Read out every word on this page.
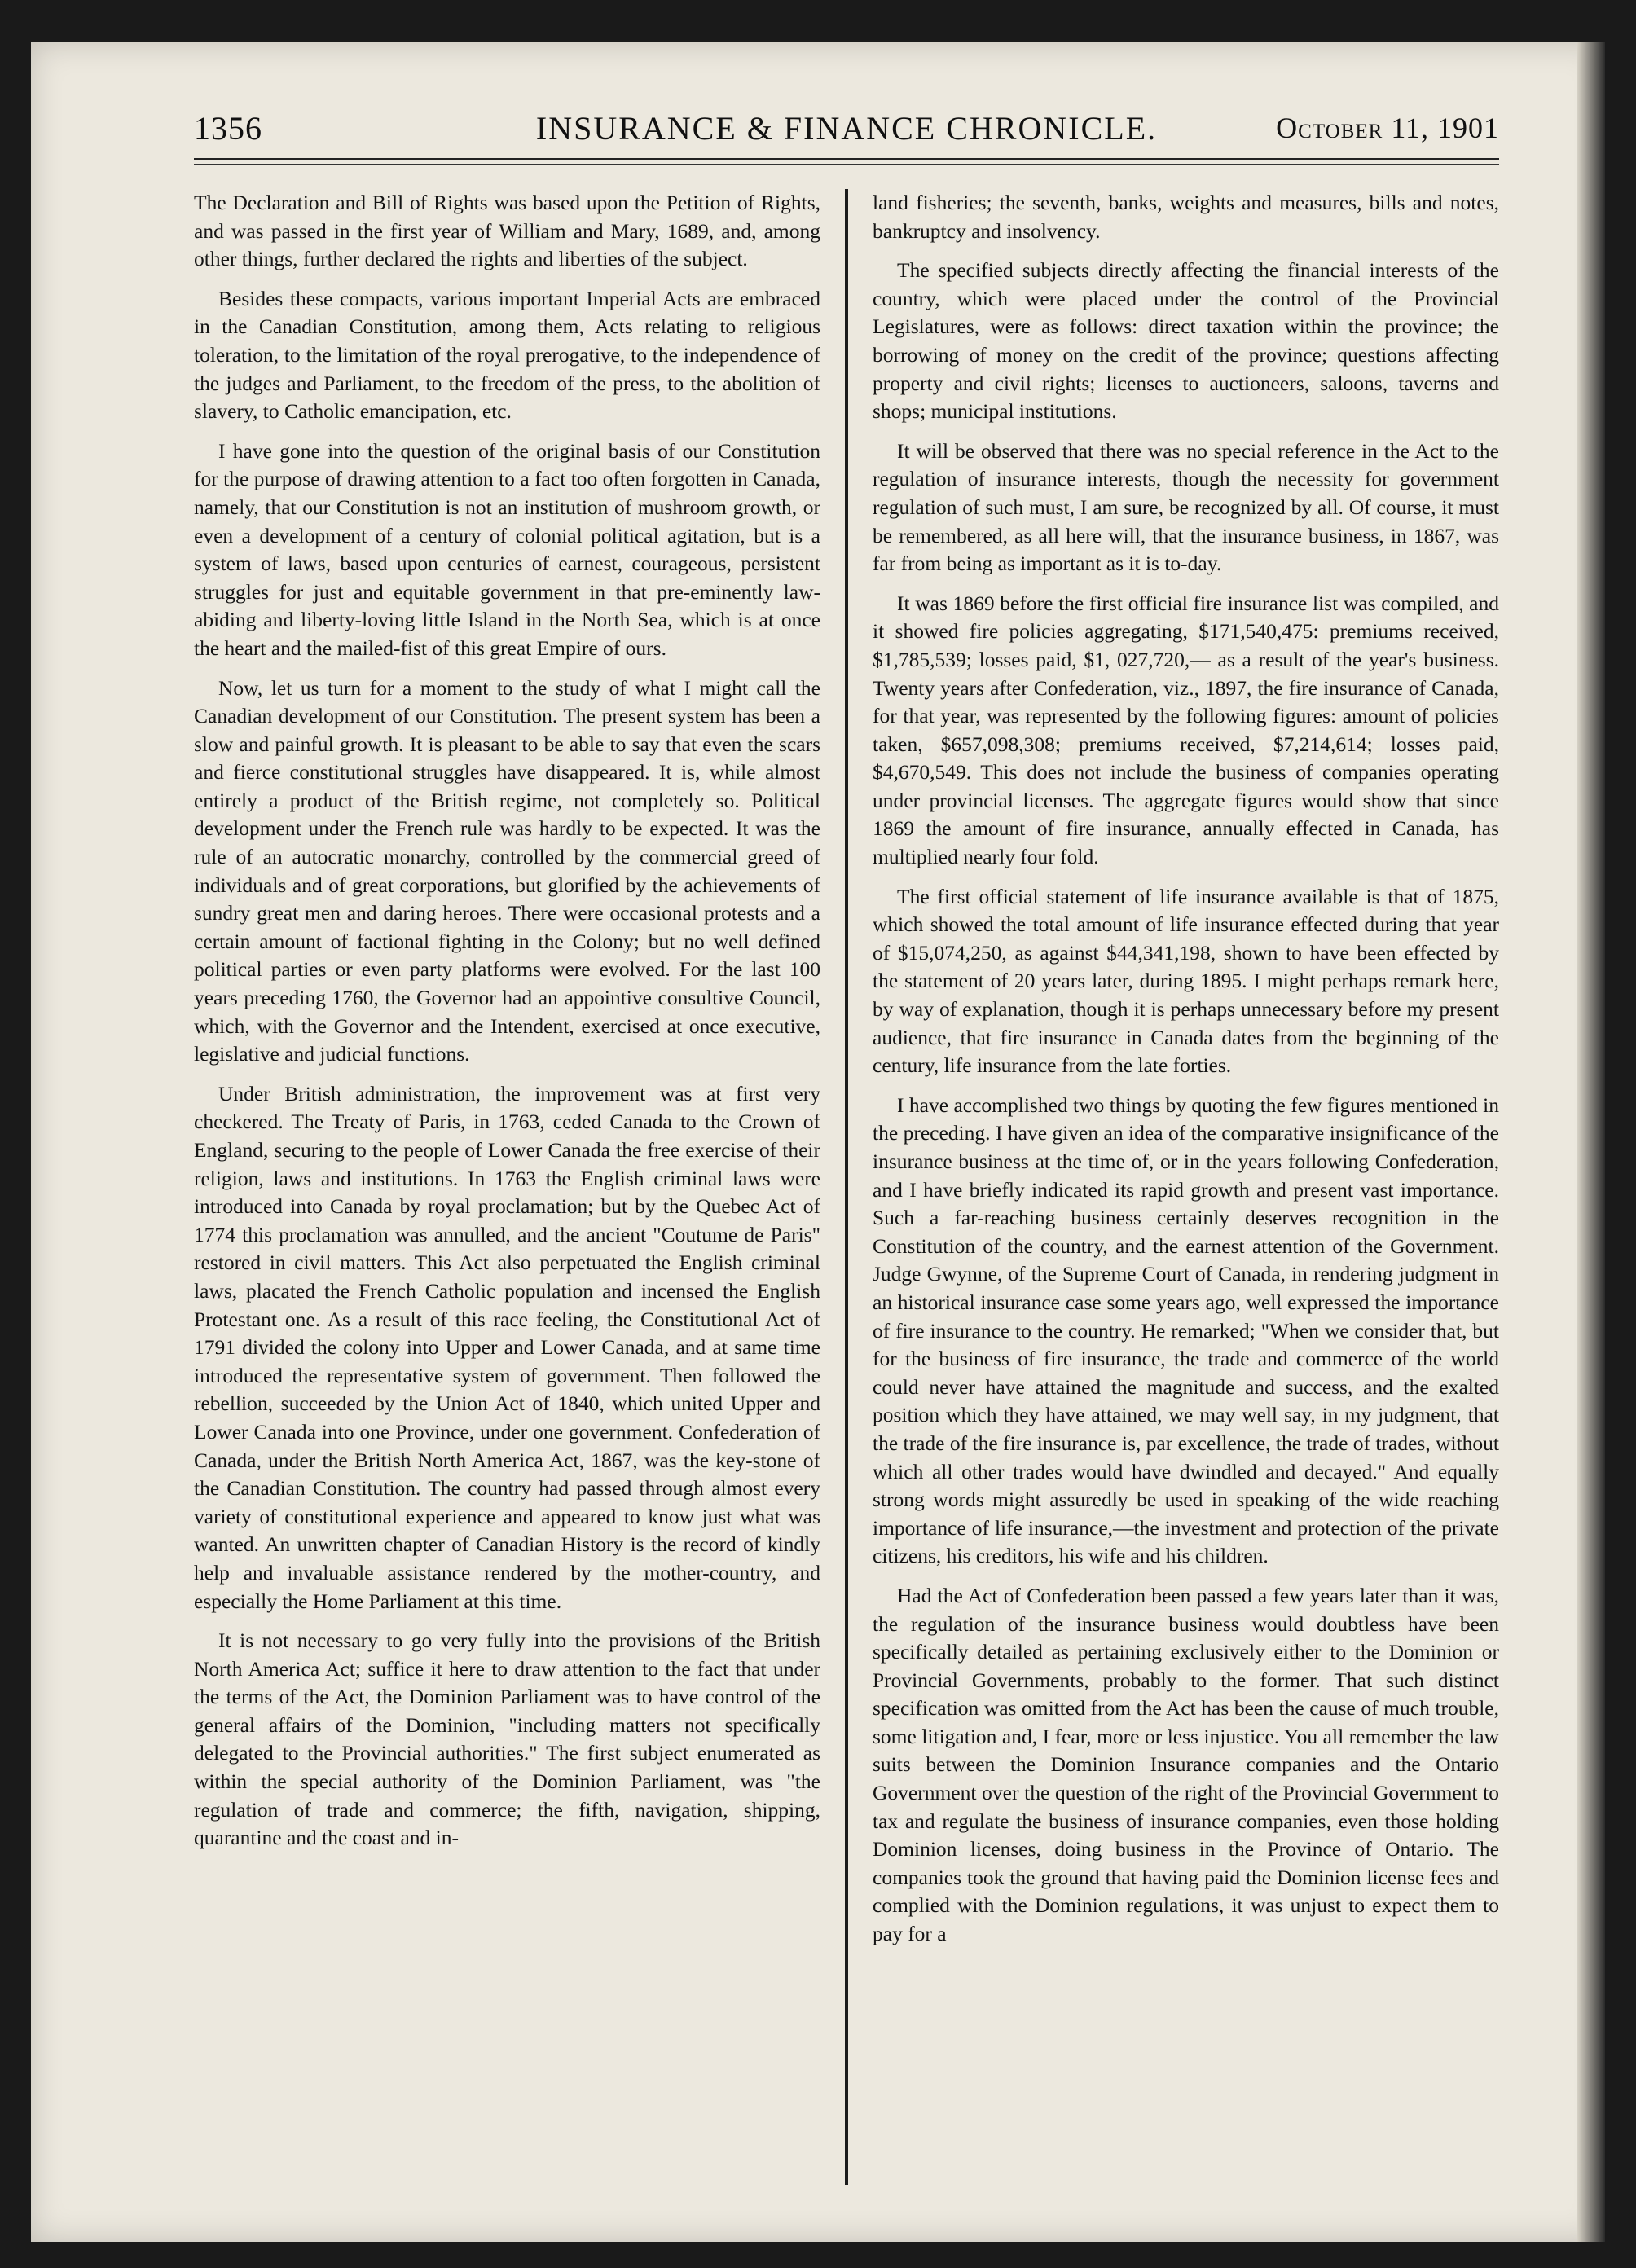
1356	INSURANCE & FINANCE CHRONICLE.	October 11, 1901

The Declaration and Bill of Rights was based upon the Petition of Rights, and was passed in the first year of William and Mary, 1689, and, among other things, further declared the rights and liberties of the subject.

Besides these compacts, various important Imperial Acts are embraced in the Canadian Constitution, among them, Acts relating to religious toleration, to the limitation of the royal prerogative, to the independence of the judges and Parliament, to the freedom of the press, to the abolition of slavery, to Catholic emancipation, etc.

I have gone into the question of the original basis of our Constitution for the purpose of drawing attention to a fact too often forgotten in Canada, namely, that our Constitution is not an institution of mushroom growth, or even a development of a century of colonial political agitation, but is a system of laws, based upon centuries of earnest, courageous, persistent struggles for just and equitable government in that pre-eminently law-abiding and liberty-loving little Island in the North Sea, which is at once the heart and the mailed-fist of this great Empire of ours.

Now, let us turn for a moment to the study of what I might call the Canadian development of our Constitution. The present system has been a slow and painful growth. It is pleasant to be able to say that even the scars and fierce constitutional struggles have disappeared. It is, while almost entirely a product of the British regime, not completely so. Political development under the French rule was hardly to be expected. It was the rule of an autocratic monarchy, controlled by the commercial greed of individuals and of great corporations, but glorified by the achievements of sundry great men and daring heroes. There were occasional protests and a certain amount of factional fighting in the Colony; but no well defined political parties or even party platforms were evolved. For the last 100 years preceding 1760, the Governor had an appointive consultive Council, which, with the Governor and the Intendent, exercised at once executive, legislative and judicial functions.

Under British administration, the improvement was at first very checkered. The Treaty of Paris, in 1763, ceded Canada to the Crown of England, securing to the people of Lower Canada the free exercise of their religion, laws and institutions. In 1763 the English criminal laws were introduced into Canada by royal proclamation; but by the Quebec Act of 1774 this proclamation was annulled, and the ancient "Coutume de Paris" restored in civil matters. This Act also perpetuated the English criminal laws, placated the French Catholic population and incensed the English Protestant one. As a result of this race feeling, the Constitutional Act of 1791 divided the colony into Upper and Lower Canada, and at same time introduced the representative system of government. Then followed the rebellion, succeeded by the Union Act of 1840, which united Upper and Lower Canada into one Province, under one government. Confederation of Canada, under the British North America Act, 1867, was the key-stone of the Canadian Constitution. The country had passed through almost every variety of constitutional experience and appeared to know just what was wanted. An unwritten chapter of Canadian History is the record of kindly help and invaluable assistance rendered by the mother-country, and especially the Home Parliament at this time.

It is not necessary to go very fully into the provisions of the British North America Act; suffice it here to draw attention to the fact that under the terms of the Act, the Dominion Parliament was to have control of the general affairs of the Dominion, "including matters not specifically delegated to the Provincial authorities." The first subject enumerated as within the special authority of the Dominion Parliament, was "the regulation of trade and commerce; the fifth, navigation, shipping, quarantine and the coast and in-

land fisheries; the seventh, banks, weights and measures, bills and notes, bankruptcy and insolvency.

The specified subjects directly affecting the financial interests of the country, which were placed under the control of the Provincial Legislatures, were as follows: direct taxation within the province; the borrowing of money on the credit of the province; questions affecting property and civil rights; licenses to auctioneers, saloons, taverns and shops; municipal institutions.

It will be observed that there was no special reference in the Act to the regulation of insurance interests, though the necessity for government regulation of such must, I am sure, be recognized by all. Of course, it must be remembered, as all here will, that the insurance business, in 1867, was far from being as important as it is to-day.

It was 1869 before the first official fire insurance list was compiled, and it showed fire policies aggregating, $171,540,475: premiums received, $1,785,539; losses paid, $1, 027,720,— as a result of the year's business. Twenty years after Confederation, viz., 1897, the fire insurance of Canada, for that year, was represented by the following figures: amount of policies taken, $657,098,308; premiums received, $7,214,614; losses paid, $4,670,549. This does not include the business of companies operating under provincial licenses. The aggregate figures would show that since 1869 the amount of fire insurance, annually effected in Canada, has multiplied nearly four fold.

The first official statement of life insurance available is that of 1875, which showed the total amount of life insurance effected during that year of $15,074,250, as against $44,341,198, shown to have been effected by the statement of 20 years later, during 1895. I might perhaps remark here, by way of explanation, though it is perhaps unnecessary before my present audience, that fire insurance in Canada dates from the beginning of the century, life insurance from the late forties.

I have accomplished two things by quoting the few figures mentioned in the preceding. I have given an idea of the comparative insignificance of the insurance business at the time of, or in the years following Confederation, and I have briefly indicated its rapid growth and present vast importance. Such a far-reaching business certainly deserves recognition in the Constitution of the country, and the earnest attention of the Government. Judge Gwynne, of the Supreme Court of Canada, in rendering judgment in an historical insurance case some years ago, well expressed the importance of fire insurance to the country. He remarked; "When we consider that, but for the business of fire insurance, the trade and commerce of the world could never have attained the magnitude and success, and the exalted position which they have attained, we may well say, in my judgment, that the trade of the fire insurance is, par excellence, the trade of trades, without which all other trades would have dwindled and decayed." And equally strong words might assuredly be used in speaking of the wide reaching importance of life insurance,—the investment and protection of the private citizens, his creditors, his wife and his children.

Had the Act of Confederation been passed a few years later than it was, the regulation of the insurance business would doubtless have been specifically detailed as pertaining exclusively either to the Dominion or Provincial Governments, probably to the former. That such distinct specification was omitted from the Act has been the cause of much trouble, some litigation and, I fear, more or less injustice. You all remember the law suits between the Dominion Insurance companies and the Ontario Government over the question of the right of the Provincial Government to tax and regulate the business of insurance companies, even those holding Dominion licenses, doing business in the Province of Ontario. The companies took the ground that having paid the Dominion license fees and complied with the Dominion regulations, it was unjust to expect them to pay for a
